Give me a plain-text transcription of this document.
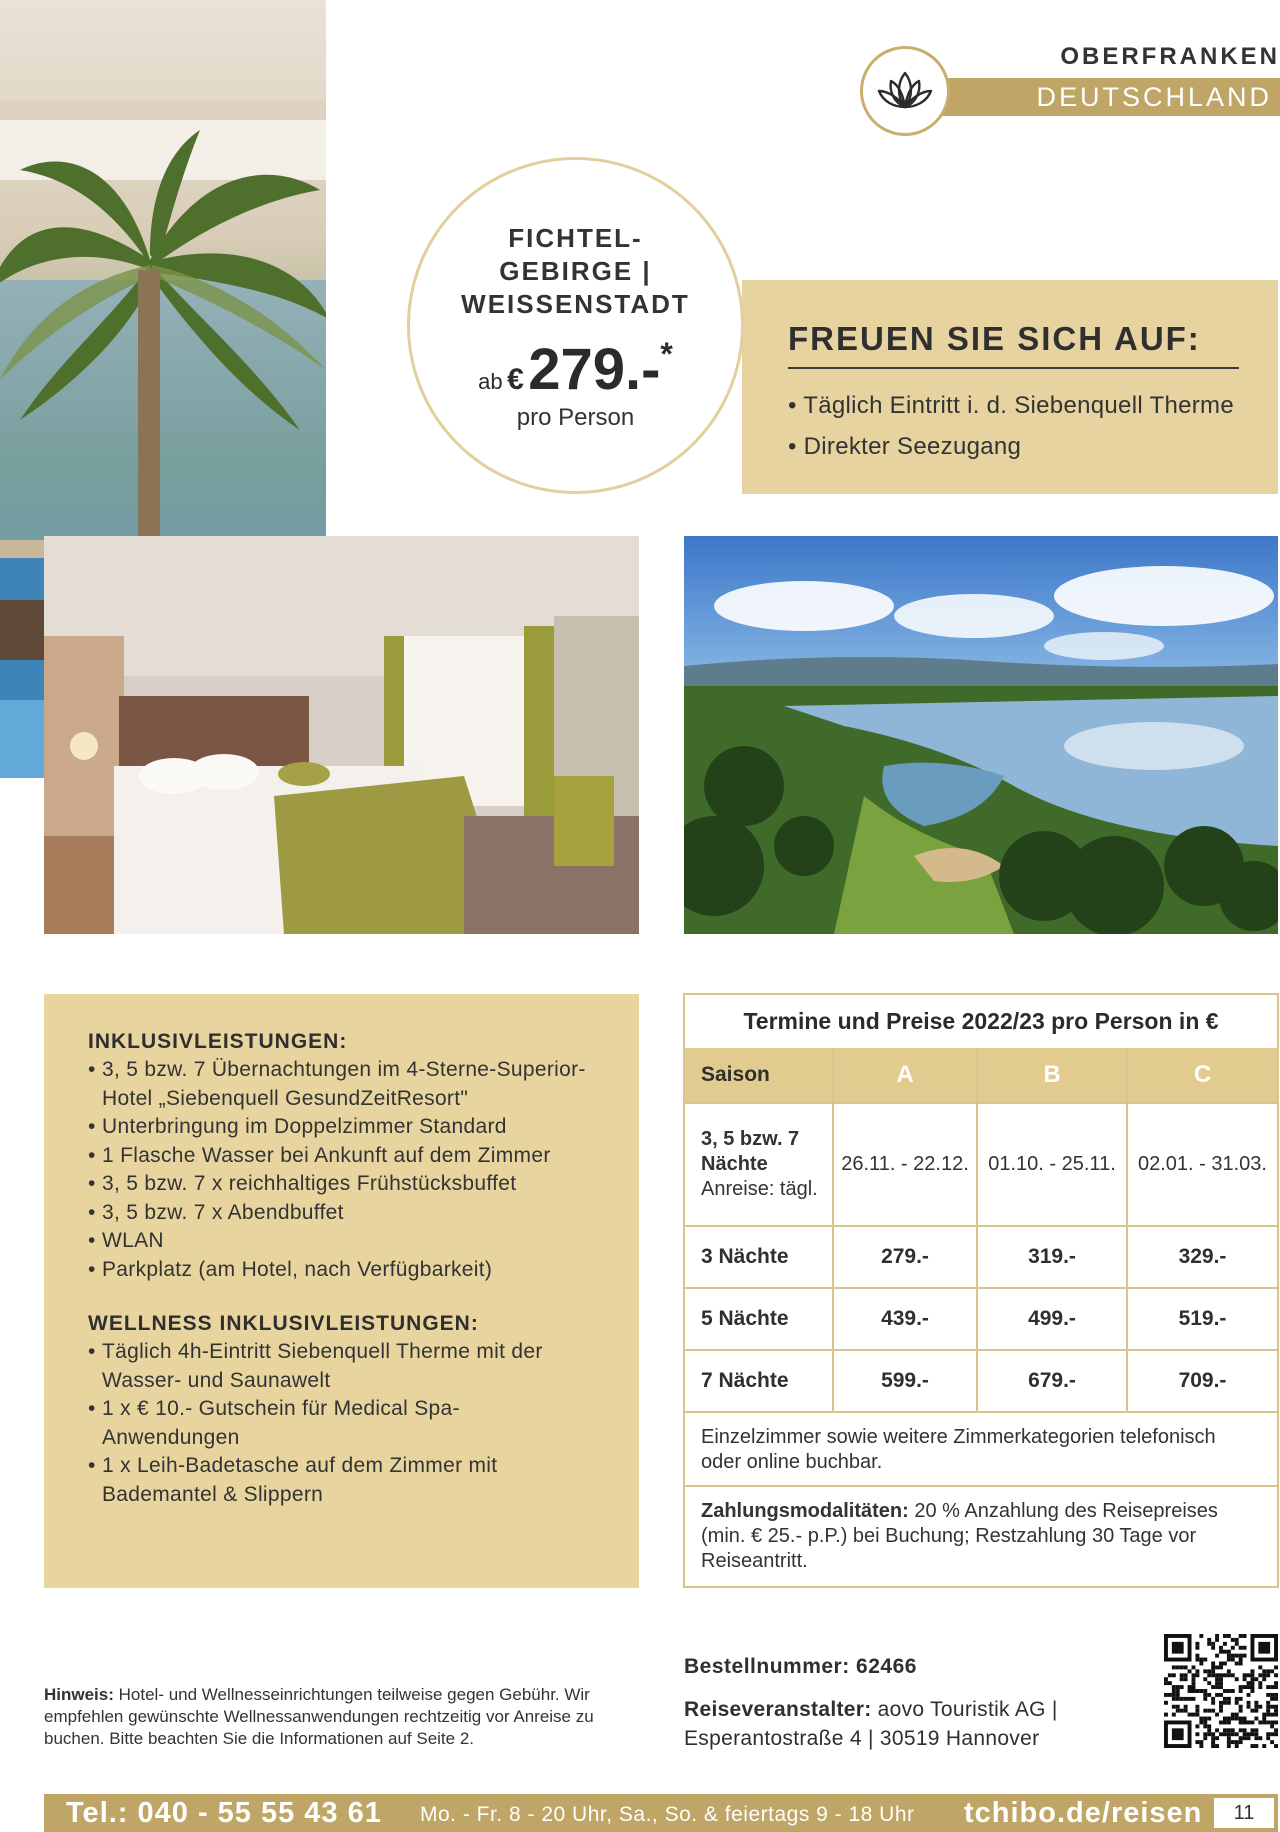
OBERFRANKEN
DEUTSCHLAND
FREUEN SIE SICH AUF:
• Täglich Eintritt i. d. Siebenquell Therme
• Direkter Seezugang
FICHTEL-
GEBIRGE |
WEISSENSTADT
ab € 279.-*
pro Person
INKLUSIVLEISTUNGEN:
• 3, 5 bzw. 7 Übernachtungen im 4-Sterne-Superior-Hotel „Siebenquell GesundZeitResort"
• Unterbringung im Doppelzimmer Standard
• 1 Flasche Wasser bei Ankunft auf dem Zimmer
• 3, 5 bzw. 7 x reichhaltiges Frühstücksbuffet
• 3, 5 bzw. 7 x Abendbuffet
• WLAN
• Parkplatz (am Hotel, nach Verfügbarkeit)
WELLNESS INKLUSIVLEISTUNGEN:
• Täglich 4h-Eintritt Siebenquell Therme mit der Wasser- und Saunawelt
• 1 x € 10.- Gutschein für Medical Spa-Anwendungen
• 1 x Leih-Badetasche auf dem Zimmer mit Bademantel & Slippern
Termine und Preise 2022/23 pro Person in €
Saison	A	B	C
3, 5 bzw. 7 Nächte
Anreise: tägl.	26.11. - 22.12.	01.10. - 25.11.	02.01. - 31.03.
3 Nächte	279.-	319.-	329.-
5 Nächte	439.-	499.-	519.-
7 Nächte	599.-	679.-	709.-
Einzelzimmer sowie weitere Zimmerkategorien telefonisch oder online buchbar.
Zahlungsmodalitäten: 20 % Anzahlung des Reisepreises (min. € 25.- p.P.) bei Buchung; Restzahlung 30 Tage vor Reiseantritt.
Hinweis: Hotel- und Wellnesseinrichtungen teilweise gegen Gebühr. Wir empfehlen gewünschte Wellnessanwendungen rechtzeitig vor Anreise zu buchen. Bitte beachten Sie die Informationen auf Seite 2.
Bestellnummer: 62466
Reiseveranstalter: aovo Touristik AG |
Esperantostraße 4 | 30519 Hannover
Tel.: 040 - 55 55 43 61 Mo. - Fr. 8 - 20 Uhr, Sa., So. & feiertags 9 - 18 Uhr tchibo.de/reisen	11
